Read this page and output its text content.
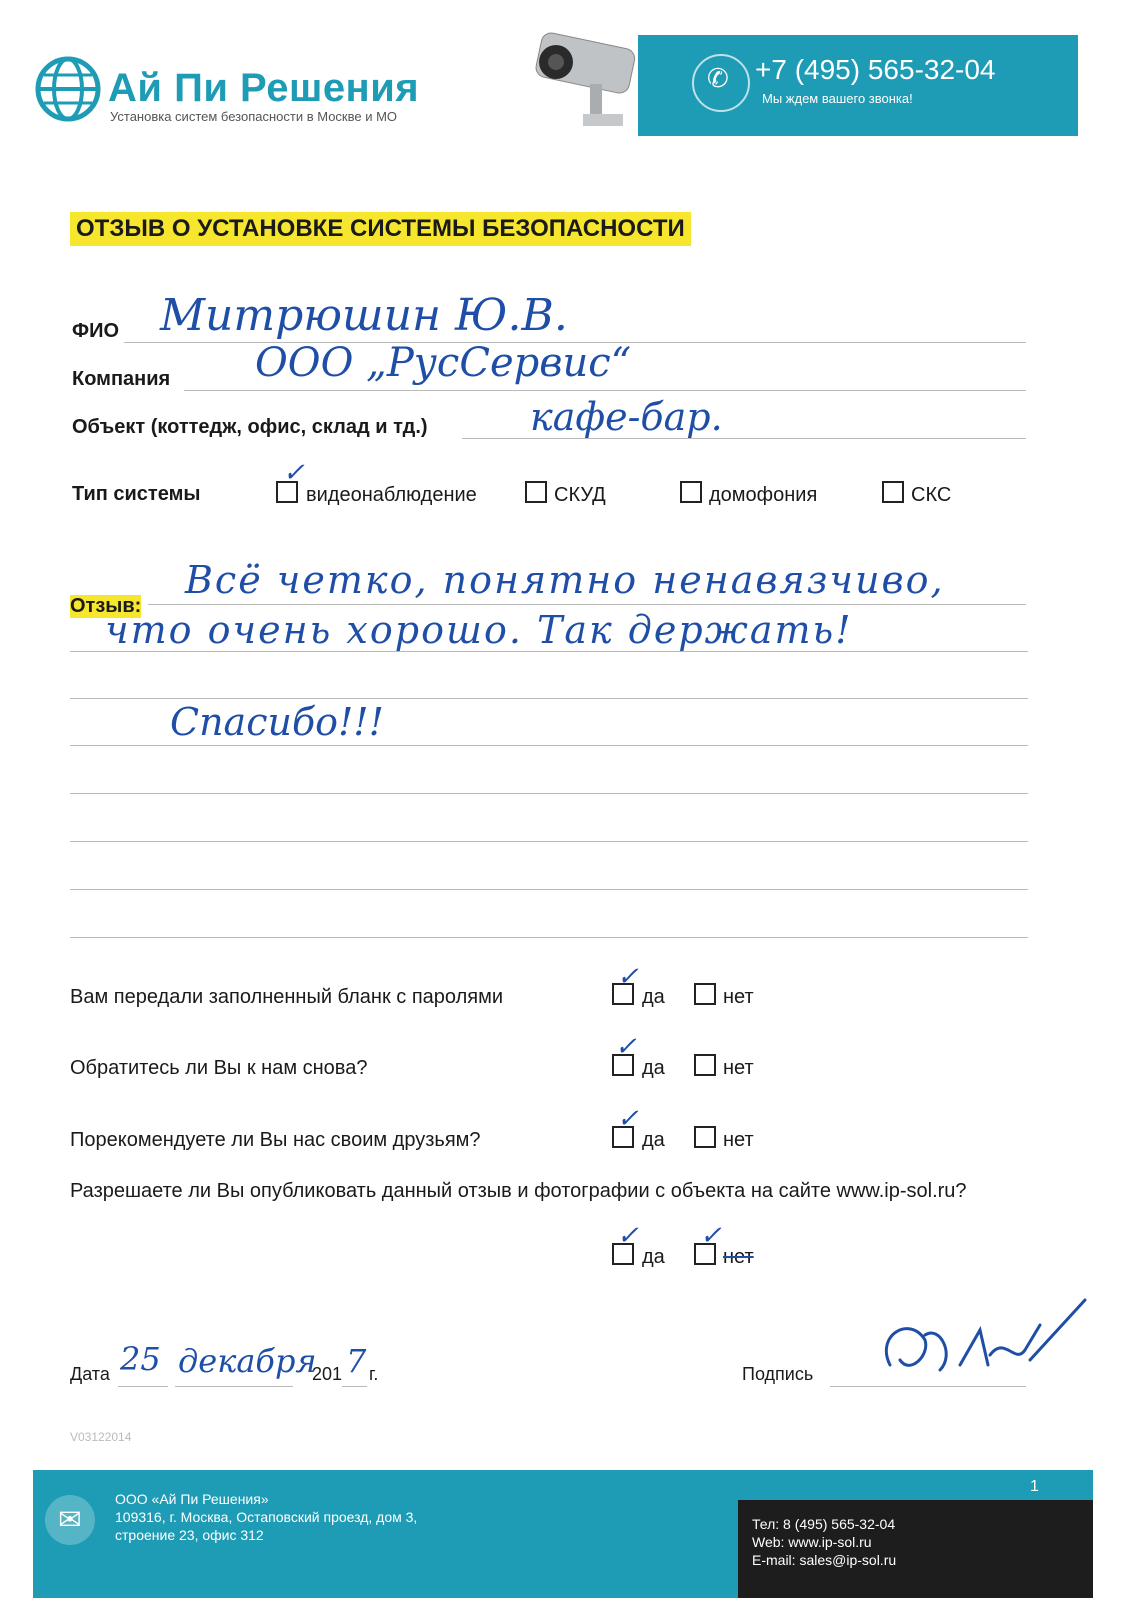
Ай Пи Решения
Установка систем безопасности в Москве и МО
✆ +7 (495) 565-32-04
Мы ждем вашего звонка!
ОТЗЫВ О УСТАНОВКЕ СИСТЕМЫ БЕЗОПАСНОСТИ
ФИО Митрюшин Ю.В.
Компания ООО „РусСервис“
Объект (коттедж, офис, склад и тд.)	кафе-бар.
Тип системы
✓
видеонаблюдение	СКУД	домофония	СКС
Отзыв:
Всё четко, понятно ненавязчиво,
что очень хорошо. Так держать!
Спасибо!!!
Вам передали заполненный бланк с паролями
✓
да	нет
Обратитесь ли Вы к нам снова?
✓
да	нет
Порекомендуете ли Вы нас своим друзьям?
✓
да	нет
Разрешаете ли Вы опубликовать данный отзыв и фотографии с объекта на сайте www.ip-sol.ru?
✓
да
✓
нет
Дата 25 декабря
201 7 г.	Подпись
V03122014
✉
ООО «Ай Пи Решения»
109316, г. Москва, Остаповский проезд, дом 3,
строение 23, офис 312
Тел: 8 (495) 565-32-04
Web: www.ip-sol.ru
E-mail: sales@ip-sol.ru
1
